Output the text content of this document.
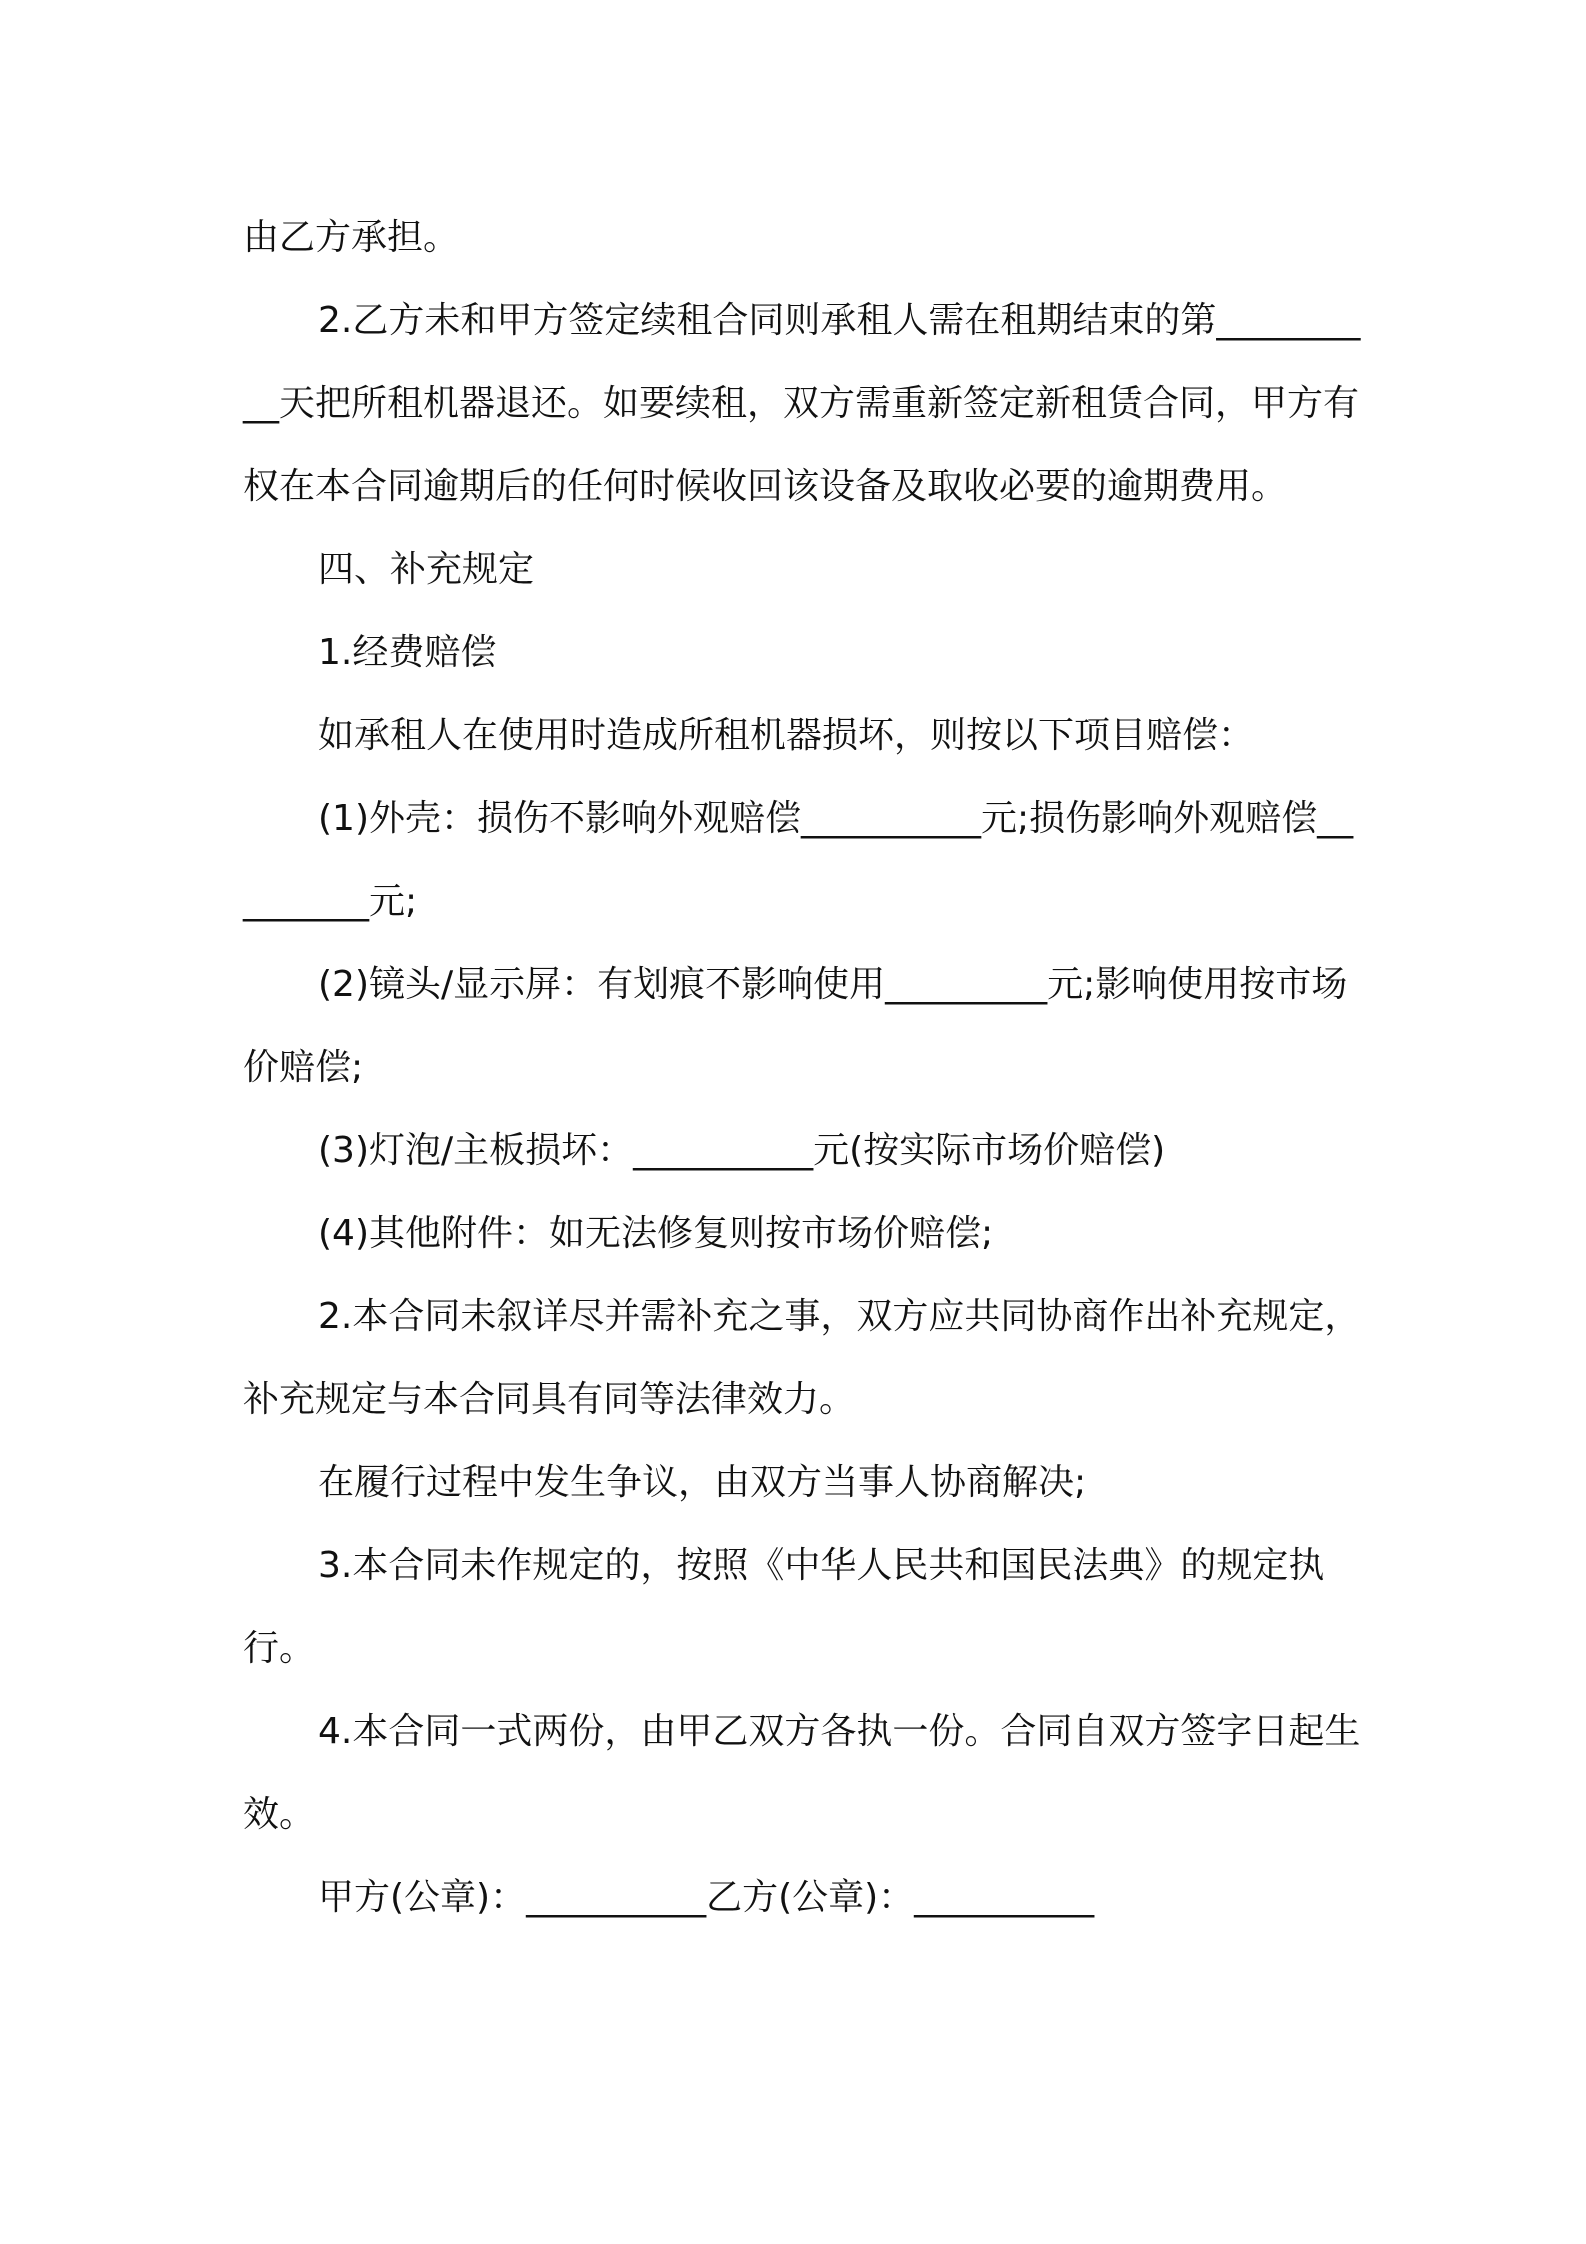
由乙方承担。

2.乙方未和甲方签定续租合同则承租人需在租期结束的第__________天把所租机器退还。如要续租，双方需重新签定新租赁合同，甲方有权在本合同逾期后的任何时候收回该设备及取收必要的逾期费用。

四、补充规定

1.经费赔偿

如承租人在使用时造成所租机器损坏，则按以下项目赔偿：

(1)外壳：损伤不影响外观赔偿__________元;损伤影响外观赔偿_________元;

(2)镜头/显示屏：有划痕不影响使用_________元;影响使用按市场价赔偿;

(3)灯泡/主板损坏：__________元(按实际市场价赔偿)

(4)其他附件：如无法修复则按市场价赔偿;

2.本合同未叙详尽并需补充之事，双方应共同协商作出补充规定，补充规定与本合同具有同等法律效力。

在履行过程中发生争议，由双方当事人协商解决;

3.本合同未作规定的，按照《中华人民共和国民法典》的规定执行。

4.本合同一式两份，由甲乙双方各执一份。合同自双方签字日起生效。

甲方(公章)：__________乙方(公章)：__________
